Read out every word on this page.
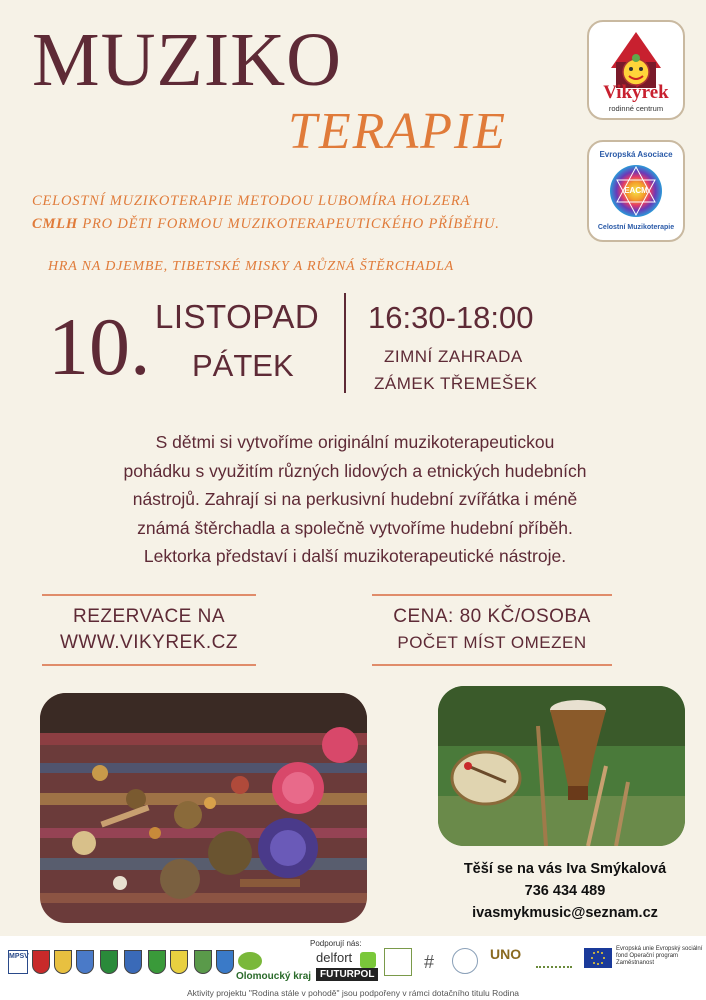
MUZIKO
TERAPIE
Vikýrek
rodinné centrum
Evropská Asociace
EACM
Celostní Muzikoterapie
CELOSTNÍ MUZIKOTERAPIE METODOU LUBOMÍRA HOLZERA
CMLH PRO DĚTI FORMOU MUZIKOTERAPEUTICKÉHO PŘÍBĚHU.
HRA NA DJEMBE, TIBETSKÉ MISKY A RŮZNÁ ŠTĚRCHADLA
10. LISTOPAD
PÁTEK
16:30-18:00
ZIMNÍ ZAHRADA
ZÁMEK TŘEMEŠEK
S dětmi si vytvoříme originální muzikoterapeutickou
pohádku s využitím různých lidových a etnických hudebních
nástrojů. Zahrají si na perkusivní hudební zvířátka i méně
známá štěrchadla a společně vytvoříme hudební příběh.
Lektorka představí i další muzikoterapeutické nástroje.
REZERVACE NA
WWW.VIKYREK.CZ
CENA: 80 KČ/OSOBA
POČET MÍST OMEZEN
Těší se na vás Iva Smýkalová
736 434 489
ivasmykmusic@seznam.cz
MPSV
Olomoucký kraj
Podporují nás:
delfort
FUTURPOL
#	UNO	Evropská unie Evropský sociální fond Operační program Zaměstnanost
Aktivity projektu "Rodina stále v pohodě" jsou podpořeny v rámci dotačního titulu Rodina
